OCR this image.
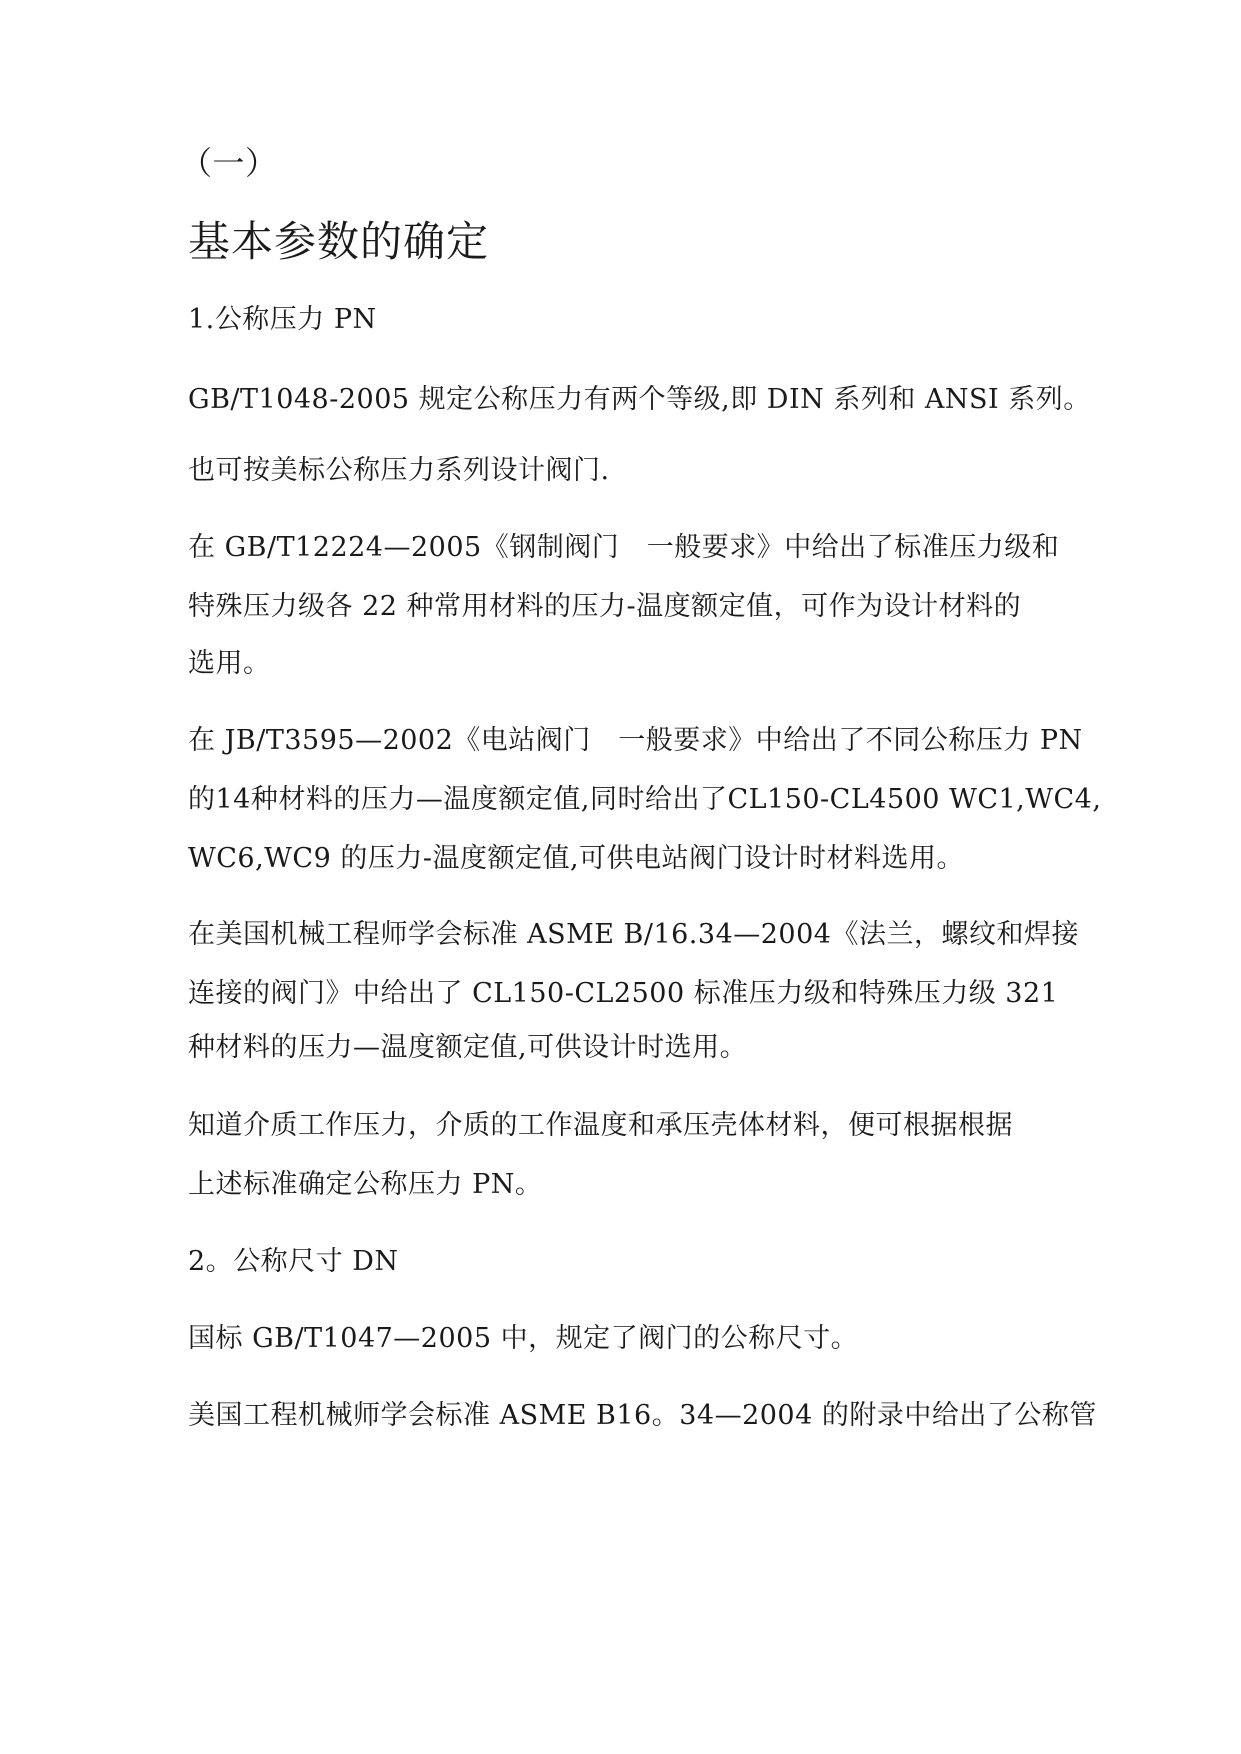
（一）
基本参数的确定
1.公称压力 PN
GB/T1048-2005 规定公称压力有两个等级,即 DIN 系列和 ANSI 系列。
也可按美标公称压力系列设计阀门.
在 GB/T12224—2005《钢制阀门　一般要求》中给出了标准压力级和
特殊压力级各 22 种常用材料的压力-温度额定值，可作为设计材料的
选用。
在 JB/T3595—2002《电站阀门　一般要求》中给出了不同公称压力 PN
的14种材料的压力—温度额定值,同时给出了CL150-CL4500 WC1,WC4,
WC6,WC9 的压力-温度额定值,可供电站阀门设计时材料选用。
在美国机械工程师学会标准 ASME B/16.34—2004《法兰，螺纹和焊接
连接的阀门》中给出了 CL150-CL2500 标准压力级和特殊压力级 321
种材料的压力—温度额定值,可供设计时选用。
知道介质工作压力，介质的工作温度和承压壳体材料，便可根据根据
上述标准确定公称压力 PN。
2。公称尺寸 DN
国标 GB/T1047—2005 中，规定了阀门的公称尺寸。
美国工程机械师学会标准 ASME B16。34—2004 的附录中给出了公称管
